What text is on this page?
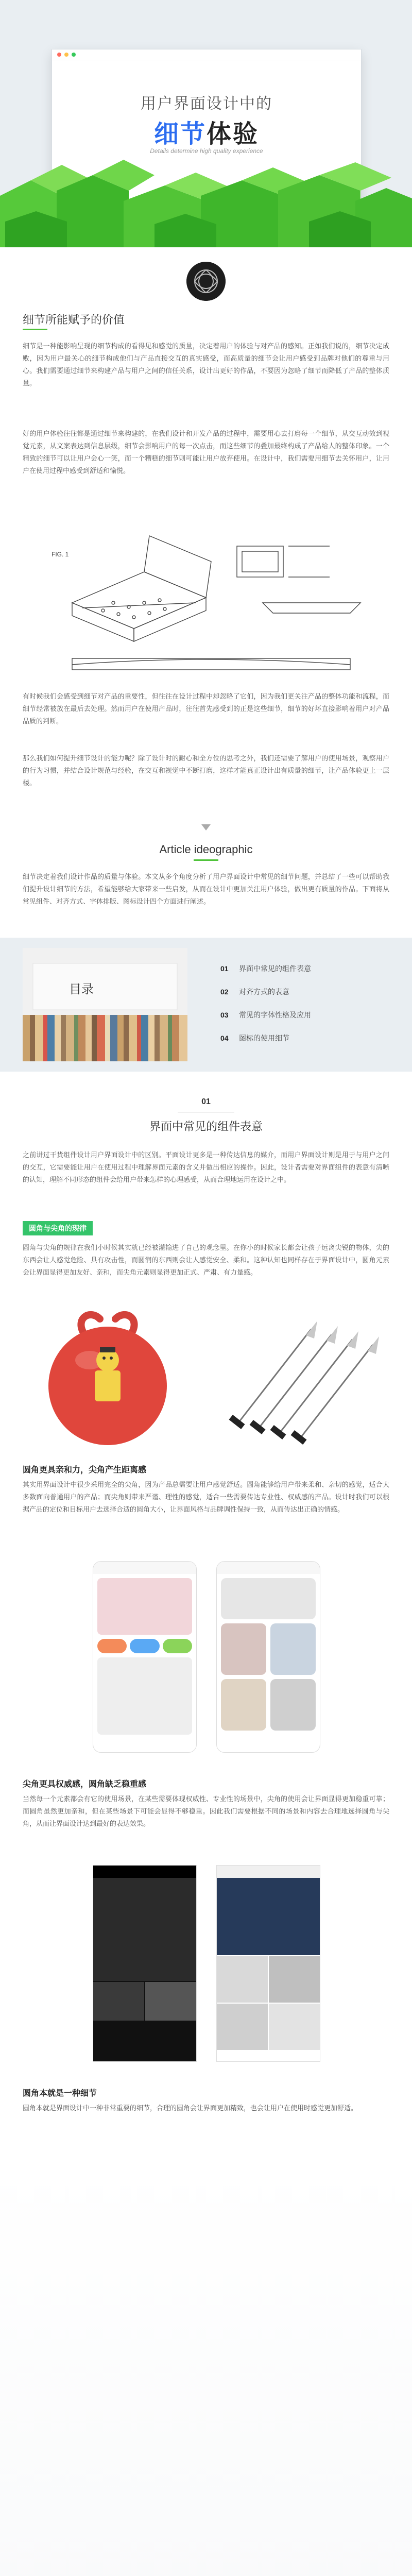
用户界面设计中的
细节体验
Details determine high quality experience
细节所能赋予的价值
细节是一种能影响呈现的细节构成的看得见和感觉的质量，决定着用户的体验与对产品的感知。正如我们说的，细节决定成败，因为用户最关心的细节构成他们与产品直接交互的真实感受，而高质量的细节会让用户感受到品牌对他们的尊重与用心。我们需要通过细节来构建产品与用户之间的信任关系，设计出更好的作品，不要因为忽略了细节而降低了产品的整体质量。
好的用户体验往往都是通过细节来构建的，在我们设计和开发产品的过程中，需要用心去打磨每一个细节，从交互动效到视觉元素，从文案表达到信息层级，细节会影响用户的每一次点击，而这些细节的叠加最终构成了产品给人的整体印象。一个精致的细节可以让用户会心一笑，而一个糟糕的细节则可能让用户放弃使用。在设计中，我们需要用细节去关怀用户，让用户在使用过程中感受到舒适和愉悦。
FIG. 1
有时候我们会感受到细节对产品的重要性，但往往在设计过程中却忽略了它们，因为我们更关注产品的整体功能和流程，而细节经常被放在最后去处理。然而用户在使用产品时，往往首先感受到的正是这些细节，细节的好坏直接影响着用户对产品品质的判断。
那么我们如何提升细节设计的能力呢？除了设计时的耐心和全方位的思考之外，我们还需要了解用户的使用场景，观察用户的行为习惯，并结合设计规范与经验，在交互和视觉中不断打磨，这样才能真正设计出有质量的细节，让产品体验更上一层楼。
Article ideographic
细节决定着我们设计作品的质量与体验。本文从多个角度分析了用户界面设计中常见的细节问题，并总结了一些可以帮助我们提升设计细节的方法，希望能够给大家带来一些启发，从而在设计中更加关注用户体验，做出更有质量的作品。下面将从常见组件、对齐方式、字体排版、图标设计四个方面进行阐述。
目录
01 界面中常见的组件表意
02 对齐方式的表意
03 常见的字体性格及应用
04 图标的使用细节
01
界面中常见的组件表意
之前讲过干货组件设计用户界面设计中的区别。平面设计更多是一种传达信息的媒介，而用户界面设计则是用于与用户之间的交互，它需要能让用户在使用过程中理解界面元素的含义并做出相应的操作。因此，设计者需要对界面组件的表意有清晰的认知，理解不同形态的组件会给用户带来怎样的心理感受，从而合理地运用在设计之中。
圆角与尖角的现律
圆角与尖角的规律在我们小时候其实就已经被灌输进了自己的观念里。在你小的时候家长都会让孩子远离尖锐的物体，尖的东西会让人感觉危险、具有攻击性，而圆润的东西则会让人感觉安全、柔和。这种认知也同样存在于界面设计中，圆角元素会让界面显得更加友好、亲和，而尖角元素则显得更加正式、严肃、有力量感。
圆角更具亲和力，尖角产生距离感
其实用界面设计中很少采用完全的尖角，因为产品总需要让用户感觉舒适。圆角能够给用户带来柔和、亲切的感觉，适合大多数面向普通用户的产品；而尖角则带来严谨、理性的感觉，适合一些需要传达专业性、权威感的产品。设计时我们可以根据产品的定位和目标用户去选择合适的圆角大小，让界面风格与品牌调性保持一致，从而传达出正确的情感。
尖角更具权威感，圆角缺乏稳重感
当然每一个元素都会有它的使用场景，在某些需要体现权威性、专业性的场景中，尖角的使用会让界面显得更加稳重可靠；而圆角虽然更加亲和，但在某些场景下可能会显得不够稳重。因此我们需要根据不同的场景和内容去合理地选择圆角与尖角，从而让界面设计达到最好的表达效果。
圆角本就是一种细节
圆角本就是界面设计中一种非常重要的细节，合理的圆角会让界面更加精致，也会让用户在使用时感觉更加舒适。
